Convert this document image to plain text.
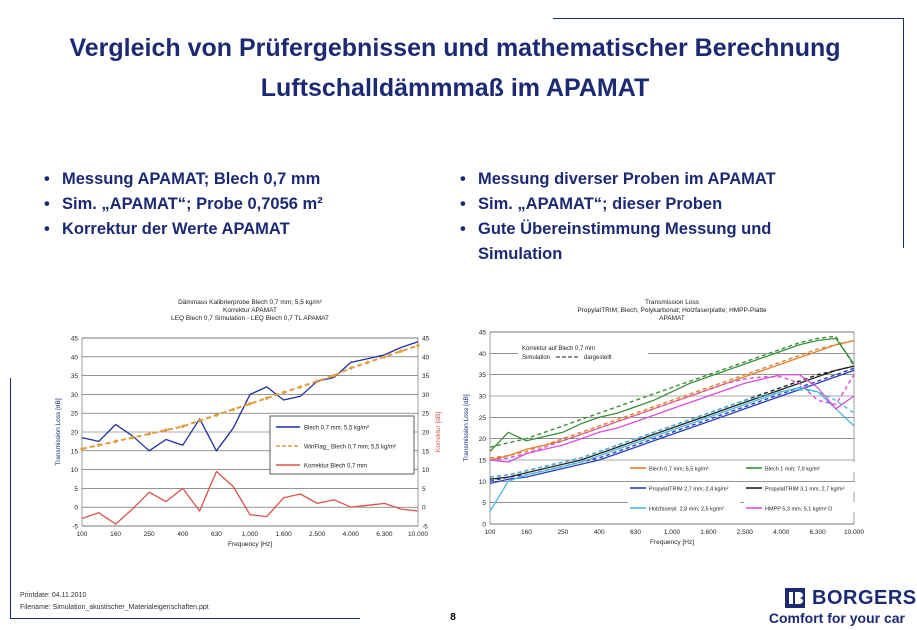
Vergleich von Prüfergebnissen und mathematischer Berechnung
Luftschalldämmmaß im APAMAT
• Messung APAMAT; Blech 0,7 mm
• Sim. „APAMAT“; Probe 0,7056 m²
• Korrektur der Werte APAMAT
• Messung diverser Proben im APAMAT
• Sim. „APAMAT“; dieser Proben
• Gute Übereinstimmung Messung und Simulation
Dämmass Kalibrierprobe Blech 0,7 mm; 5,5 kg/m²
Korrektur APAMAT
LEQ Blech 0,7 Simulation - LEQ Blech 0,7 TL APAMAT
-5	-5
0	0
5	5
10	10
15	15
20	20
25	25
30	30
35	35
40	40
45	45
100	160	250	400	630	1.000	1.600	2.500	4.000	6.300 10.000
Frequency [Hz]
Transmission Loss [dB]	Korrektur [dB]
Blech 0,7 mm; 5,5 kg/m²
WinFlag_ Blech 0,7 mm; 5,5 kg/m²
Korrektur Blech 0,7 mm
Transmission Loss
PropylatTRIM; Blech; Polykarbonat; Holzfaserplatte; HMPP-Platte
APAMAT
0
5
10
15
20
25
30
35
40
45
100	160	250	400	630	1.000	1.600	2.500	4.000	6.300	10.000
Frequency [Hz]
Transmission Loss [dB]
Korrektur auf Blech 0,7 mm
Simulation	dargestellt
Blech 0,7 mm; 5,5 kg/m²	Blech 1 mm; 7,9 kg/m²
PropylatTRIM 2,7 mm; 2,4 kg/m²	PropylatTRIM 3,1 mm; 2,7 kg/m²
Holzfaserpl. 2,8 mm; 2,5 kg/m²	HMPP 5,3 mm; 5,1 kg/m² O
Printdate: 04.11.2010
Filename: Simulation_akustischer_Materialeigenschaften.ppt
8
BORGERS
Comfort for your car
